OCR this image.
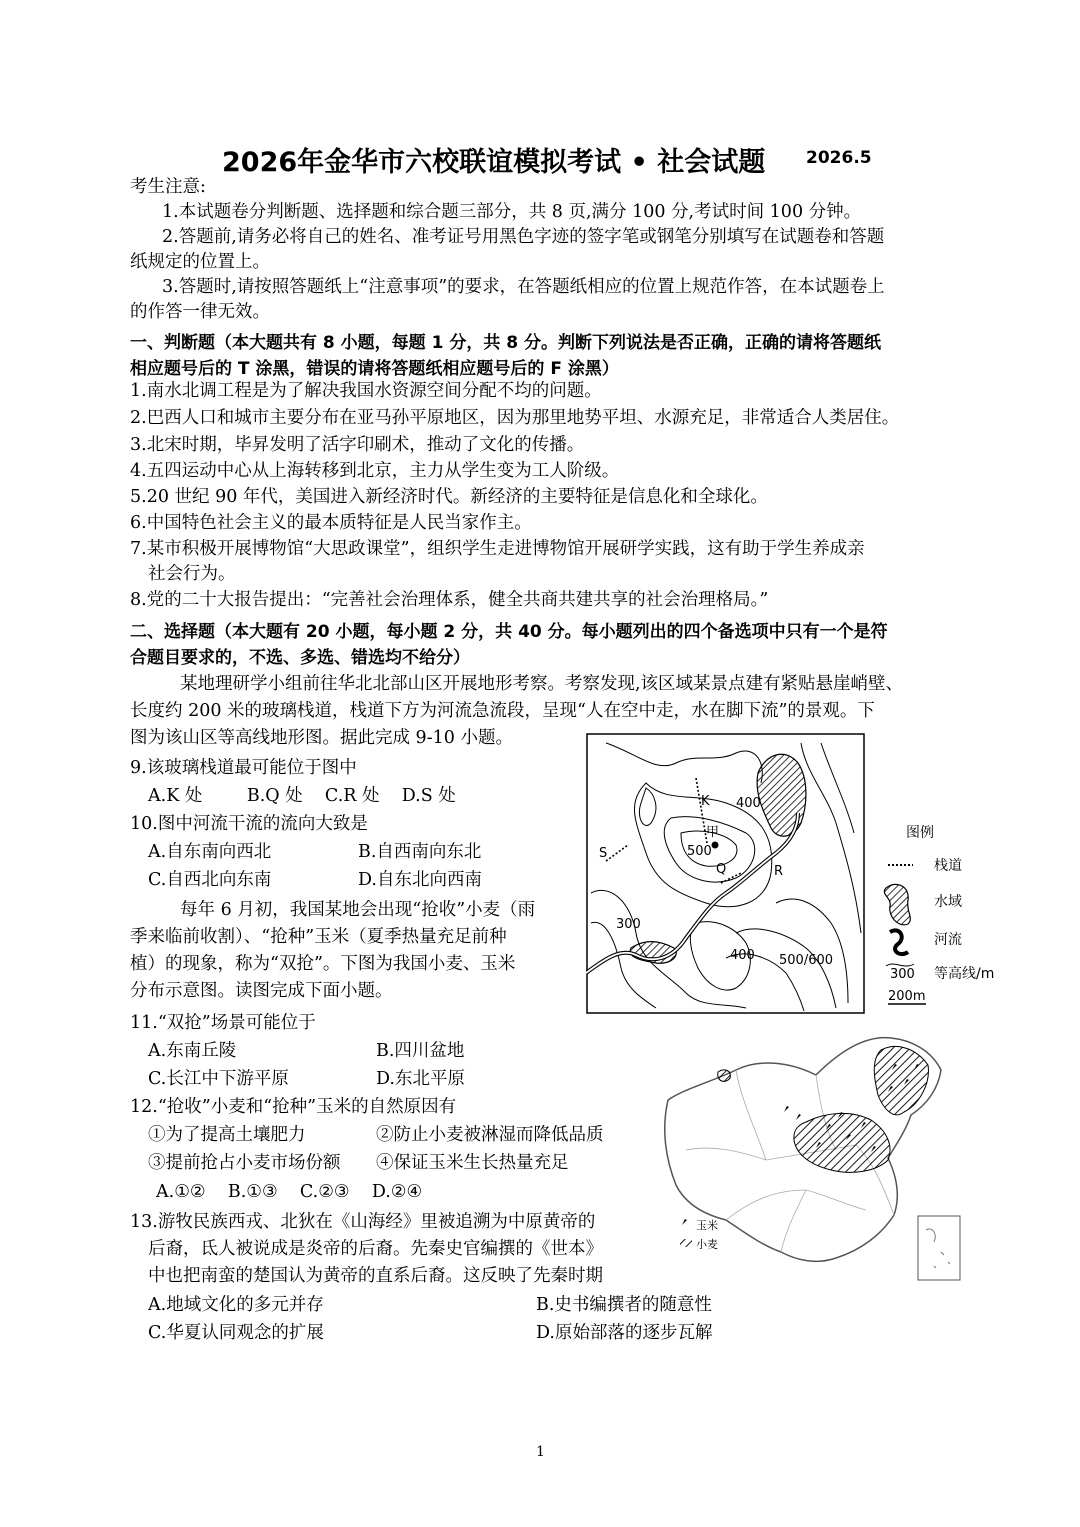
2026年金华市六校联谊模拟考试 • 社会试题 2026.5
考生注意:
1.本试题卷分判断题、选择题和综合题三部分，共 8 页,满分 100 分,考试时间 100 分钟。
2.答题前,请务必将自己的姓名、准考证号用黑色字迹的签字笔或钢笔分别填写在试题卷和答题
纸规定的位置上。
3.答题时,请按照答题纸上“注意事项”的要求，在答题纸相应的位置上规范作答，在本试题卷上
的作答一律无效。
一、判断题（本大题共有 8 小题，每题 1 分，共 8 分。判断下列说法是否正确，正确的请将答题纸
相应题号后的 T 涂黑，错误的请将答题纸相应题号后的 F 涂黑）
1.南水北调工程是为了解决我国水资源空间分配不均的问题。
2.巴西人口和城市主要分布在亚马孙平原地区，因为那里地势平坦、水源充足，非常适合人类居住。
3.北宋时期，毕昇发明了活字印刷术，推动了文化的传播。
4.五四运动中心从上海转移到北京，主力从学生变为工人阶级。
5.20 世纪 90 年代，美国进入新经济时代。新经济的主要特征是信息化和全球化。
6.中国特色社会主义的最本质特征是人民当家作主。
7.某市积极开展博物馆“大思政课堂”，组织学生走进博物馆开展研学实践，这有助于学生养成亲
社会行为。
8.党的二十大报告提出：“完善社会治理体系，健全共商共建共享的社会治理格局。”
二、选择题（本大题有 20 小题，每小题 2 分，共 40 分。每小题列出的四个备选项中只有一个是符
合题目要求的，不选、多选、错选均不给分）
某地理研学小组前往华北北部山区开展地形考察。考察发现,该区域某景点建有紧贴悬崖峭壁、
长度约 200 米的玻璃栈道，栈道下方为河流急流段，呈现“人在空中走，水在脚下流”的景观。下
图为该山区等高线地形图。据此完成 9-10 小题。
9.该玻璃栈道最可能位于图中
A.K 处        B.Q 处    C.R 处    D.S 处
10.图中河流干流的流向大致是
A.自东南向西北	B.自西南向东北
C.自西北向东南	D.自东北向西南
每年 6 月初，我国某地会出现“抢收”小麦（雨
季来临前收割）、“抢种”玉米（夏季热量充足前种
植）的现象，称为“双抢”。下图为我国小麦、玉米
分布示意图。读图完成下面小题。
11.“双抢”场景可能位于
A.东南丘陵	B.四川盆地
C.长江中下游平原	D.东北平原
12.“抢收”小麦和“抢种”玉米的自然原因有
①为了提高土壤肥力	②防止小麦被淋湿而降低品质
③提前抢占小麦市场份额 ④保证玉米生长热量充足
A.①②    B.①③    C.②③    D.②④
13.游牧民族西戎、北狄在《山海经》里被追溯为中原黄帝的
后裔，氐人被说成是炎帝的后裔。先秦史官编撰的《世本》
中也把南蛮的楚国认为黄帝的直系后裔。这反映了先秦时期
A.地域文化的多元并存	B.史书编撰者的随意性
C.华夏认同观念的扩展	D.原始部落的逐步瓦解
K
甲
S
Q	R
400
500
300
400 500/600
图例
栈道
水域
河流
300 等高线/m
200m
玉米
小麦
1
